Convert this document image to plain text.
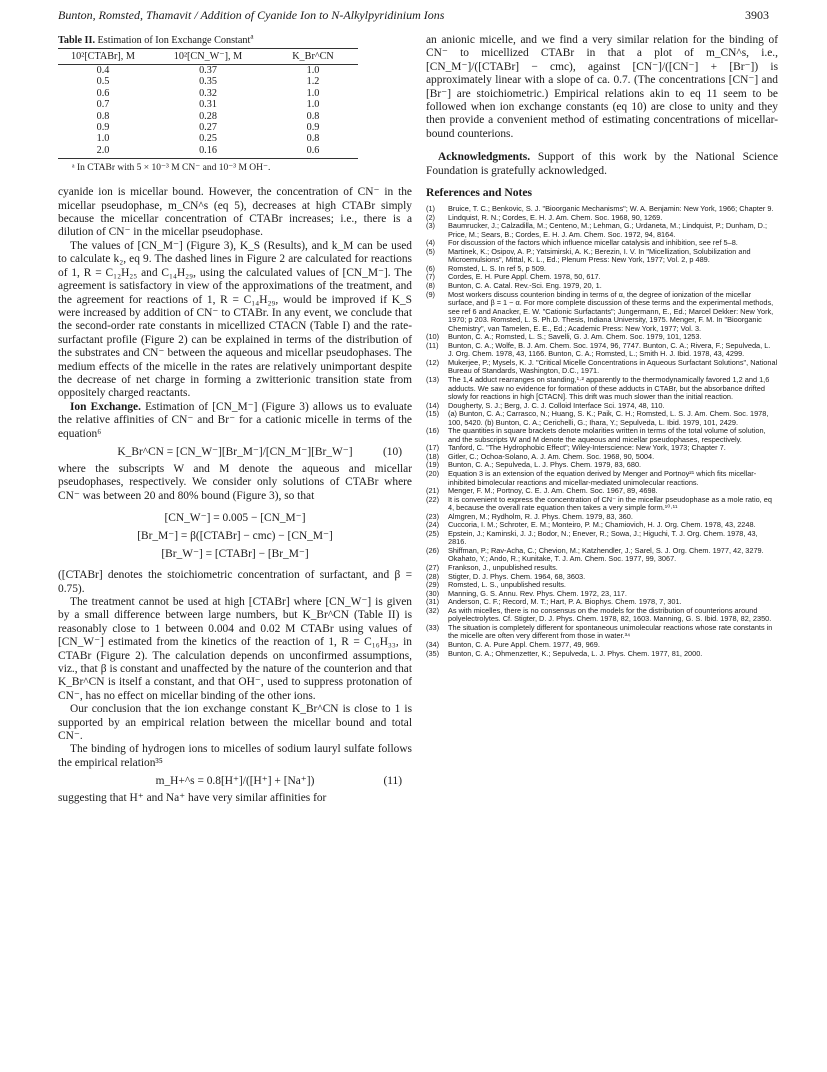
Bunton, Romsted, Thamavit / Addition of Cyanide Ion to N-Alkylpyridinium Ions	3903
Table II. Estimation of Ion Exchange Constant$^a$
10²[CTABr], M	10²[CN_W⁻], M	K_Br^CN
0.4	0.37	1.0
0.5	0.35	1.2
0.6	0.32	1.0
0.7	0.31	1.0
0.8	0.28	0.8
0.9	0.27	0.9
1.0	0.25	0.8
2.0	0.16	0.6
ᵃ In CTABr with 5 × 10⁻³ M CN⁻ and 10⁻³ M OH⁻.

cyanide ion is micellar bound. However, the concentration of CN⁻ in the micellar pseudophase, m_CN^s (eq 5), decreases at high CTABr simply because the micellar concentration of CTABr increases; i.e., there is a dilution of CN⁻ in the micellar pseudophase.

The values of [CN_M⁻] (Figure 3), K_S (Results), and k_M can be used to calculate k₂, eq 9. The dashed lines in Figure 2 are calculated for reactions of 1, R = C₁₂H₂₅ and C₁₄H₂₉, using the calculated values of [CN_M⁻]. The agreement is satisfactory in view of the approximations of the treatment, and the agreement for reactions of 1, R = C₁₄H₂₉, would be improved if K_S were increased by addition of CN⁻ to CTABr. In any event, we conclude that the second-order rate constants in micellized CTACN (Table I) and the rate-surfactant profile (Figure 2) can be explained in terms of the distribution of the substrates and CN⁻ between the aqueous and micellar pseudophases. The medium effects of the micelle in the rates are relatively unimportant despite the decrease of net charge in forming a zwitterionic transition state from oppositely charged reactants.

Ion Exchange. Estimation of [CN_M⁻] (Figure 3) allows us to evaluate the relative affinities of CN⁻ and Br⁻ for a cationic micelle in terms of the equation⁶

K_Br^CN = [CN_W⁻][Br_M⁻]/[CN_M⁻][Br_W⁻]	(10)

where the subscripts W and M denote the aqueous and micellar pseudophases, respectively. We consider only solutions of CTABr where CN⁻ was between 20 and 80% bound (Figure 3), so that

[CN_W⁻] = 0.005 − [CN_M⁻]
[Br_M⁻] = β([CTABr] − cmc) − [CN_M⁻]
[Br_W⁻] = [CTABr] − [Br_M⁻]

([CTABr] denotes the stoichiometric concentration of surfactant, and β = 0.75).

The treatment cannot be used at high [CTABr] where [CN_W⁻] is given by a small difference between large numbers, but K_Br^CN (Table II) is reasonably close to 1 between 0.004 and 0.02 M CTABr using values of [CN_W⁻] estimated from the kinetics of the reaction of 1, R = C₁₆H₃₃, in CTABr (Figure 2). The calculation depends on unconfirmed assumptions, viz., that β is constant and unaffected by the nature of the counterion and that K_Br^CN is itself a constant, and that OH⁻, used to suppress protonation of CN⁻, has no effect on micellar binding of the other ions.

Our conclusion that the ion exchange constant K_Br^CN is close to 1 is supported by an empirical relation between the micellar bound and total CN⁻.

The binding of hydrogen ions to micelles of sodium lauryl sulfate follows the empirical relation³⁵

m_H+^s = 0.8[H⁺]/([H⁺] + [Na⁺])	(11)

suggesting that H⁺ and Na⁺ have very similar affinities for

an anionic micelle, and we find a very similar relation for the binding of CN⁻ to micellized CTABr in that a plot of m_CN^s, i.e., [CN_M⁻]/([CTABr] − cmc), against [CN⁻]/([CN⁻] + [Br⁻]) is approximately linear with a slope of ca. 0.7. (The concentrations [CN⁻] and [Br⁻] are stoichiometric.) Empirical relations akin to eq 11 seem to be followed when ion exchange constants (eq 10) are close to unity and they then provide a convenient method of estimating concentrations of micellar-bound counterions.

Acknowledgments. Support of this work by the National Science Foundation is gratefully acknowledged.

References and Notes
(1)	Bruice, T. C.; Benkovic, S. J. "Bioorganic Mechanisms"; W. A. Benjamin: New York, 1966; Chapter 9.
(2)	Lindquist, R. N.; Cordes, E. H. J. Am. Chem. Soc. 1968, 90, 1269.
(3)	Baumrucker, J.; Calzadilla, M.; Centeno, M.; Lehman, G.; Urdaneta, M.; Lindquist, P.; Dunham, D.; Price, M.; Sears, B.; Cordes, E. H. J. Am. Chem. Soc. 1972, 94, 8164.
(4)	For discussion of the factors which influence micellar catalysis and inhibition, see ref 5–8.
(5)	Martinek, K.; Osipov, A. P.; Yatsimirski, A. K.; Berezin, I. V. In "Micellization, Solubilization and Microemulsions", Mittal, K. L., Ed.; Plenum Press: New York, 1977; Vol. 2, p 489.
(6)	Romsted, L. S. In ref 5, p 509.
(7)	Cordes, E. H. Pure Appl. Chem. 1978, 50, 617.
(8)	Bunton, C. A. Catal. Rev.-Sci. Eng. 1979, 20, 1.
(9)	Most workers discuss counterion binding in terms of α, the degree of ionization of the micellar surface, and β = 1 − α. For more complete discussion of these terms and the experimental methods, see ref 6 and Anacker, E. W. "Cationic Surfactants"; Jungermann, E., Ed.; Marcel Dekker: New York, 1970; p 203. Romsted, L. S. Ph.D. Thesis, Indiana University, 1975. Menger, F. M. In "Bioorganic Chemistry", van Tamelen, E. E., Ed.; Academic Press: New York, 1977; Vol. 3.
(10)	Bunton, C. A.; Romsted, L. S.; Savelli, G. J. Am. Chem. Soc. 1979, 101, 1253.
(11)	Bunton, C. A.; Wolfe, B. J. Am. Chem. Soc. 1974, 96, 7747. Bunton, C. A.; Rivera, F.; Sepulveda, L. J. Org. Chem. 1978, 43, 1166. Bunton, C. A.; Romsted, L.; Smith H. J. Ibid. 1978, 43, 4299.
(12)	Mukerjee, P.; Mysels, K. J. "Critical Micelle Concentrations in Aqueous Surfactant Solutions", National Bureau of Standards, Washington, D.C., 1971.
(13)	The 1,4 adduct rearranges on standing,¹·² apparently to the thermodynamically favored 1,2 and 1,6 adducts. We saw no evidence for formation of these adducts in CTABr, but the absorbance drifted slowly for reactions in high [CTACN]. This drift was much slower than the initial reaction.
(14)	Dougherty, S. J.; Berg, J. C. J. Colloid Interface Sci. 1974, 48, 110.
(15)	(a) Bunton, C. A.; Carrasco, N.; Huang, S. K.; Paik, C. H.; Romsted, L. S. J. Am. Chem. Soc. 1978, 100, 5420. (b) Bunton, C. A.; Cerichelli, G.; Ihara, Y.; Sepulveda, L. Ibid. 1979, 101, 2429.
(16)	The quantities in square brackets denote molarities written in terms of the total volume of solution, and the subscripts W and M denote the aqueous and micellar pseudophases, respectively.
(17)	Tanford, C. "The Hydrophobic Effect"; Wiley-Interscience: New York, 1973; Chapter 7.
(18)	Gitler, C.; Ochoa-Solano, A. J. Am. Chem. Soc. 1968, 90, 5004.
(19)	Bunton, C. A.; Sepulveda, L. J. Phys. Chem. 1979, 83, 680.
(20)	Equation 3 is an extension of the equation derived by Menger and Portnoy²¹ which fits micellar-inhibited bimolecular reactions and micellar-mediated unimolecular reactions.
(21)	Menger, F. M.; Portnoy, C. E. J. Am. Chem. Soc. 1967, 89, 4698.
(22)	It is convenient to express the concentration of CN⁻ in the micellar pseudophase as a mole ratio, eq 4, because the overall rate equation then takes a very simple form.¹⁰·¹¹
(23)	Almgren, M.; Rydholm, R. J. Phys. Chem. 1979, 83, 360.
(24)	Cuccoria, I. M.; Schroter, E. M.; Monteiro, P. M.; Chamiovich, H. J. Org. Chem. 1978, 43, 2248.
(25)	Epstein, J.; Kaminski, J. J.; Bodor, N.; Enever, R.; Sowa, J.; Higuchi, T. J. Org. Chem. 1978, 43, 2816.
(26)	Shiffman, P.; Rav-Acha, C.; Chevion, M.; Katzhendler, J.; Sarel, S. J. Org. Chem. 1977, 42, 3279. Okahato, Y.; Ando, R.; Kunitake, T. J. Am. Chem. Soc. 1977, 99, 3067.
(27)	Frankson, J., unpublished results.
(28)	Stigter, D. J. Phys. Chem. 1964, 68, 3603.
(29)	Romsted, L. S., unpublished results.
(30)	Manning, G. S. Annu. Rev. Phys. Chem. 1972, 23, 117.
(31)	Anderson, C. F.; Record, M. T.; Hart, P. A. Biophys. Chem. 1978, 7, 301.
(32)	As with micelles, there is no consensus on the models for the distribution of counterions around polyelectrolytes. Cf. Stigter, D. J. Phys. Chem. 1978, 82, 1603. Manning, G. S. Ibid. 1978, 82, 2350.
(33)	The situation is completely different for spontaneous unimolecular reactions whose rate constants in the micelle are often very different from those in water.³⁴
(34)	Bunton, C. A. Pure Appl. Chem. 1977, 49, 969.
(35)	Bunton, C. A.; Ohmenzetter, K.; Sepulveda, L. J. Phys. Chem. 1977, 81, 2000.
